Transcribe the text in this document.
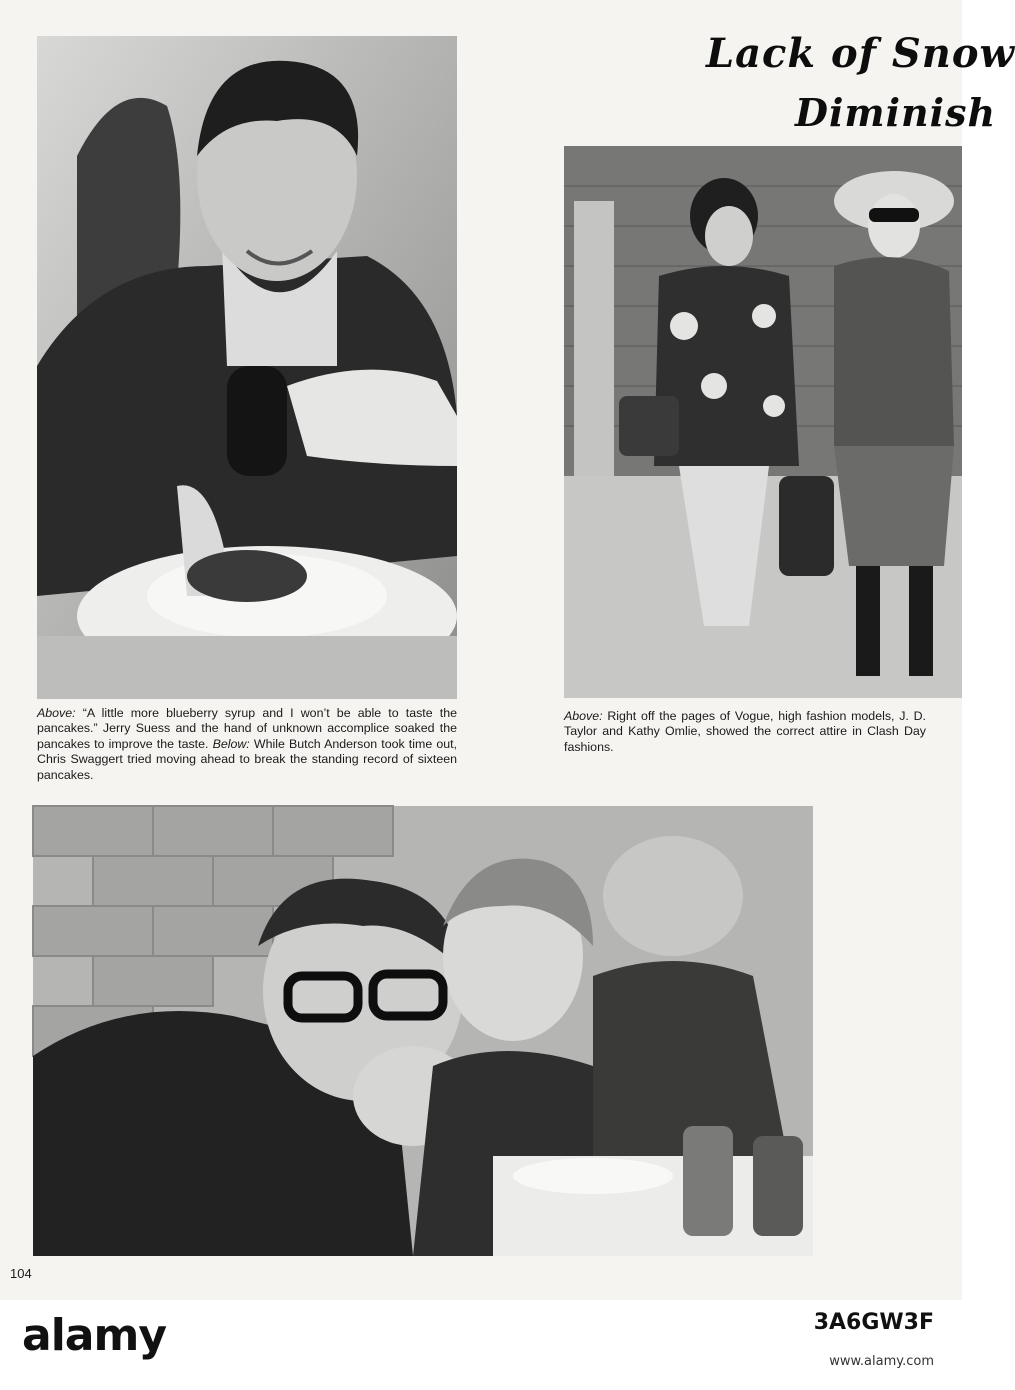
Lack of Snow
Diminish

Above: “A little more blueberry syrup and I won’t be able to taste the pancakes.” Jerry Suess and the hand of unknown accomplice soaked the pancakes to improve the taste. Below: While Butch Anderson took time out, Chris Swaggert tried moving ahead to break the standing record of sixteen pancakes.

Above: Right off the pages of Vogue, high fashion models, J. D. Taylor and Kathy Omlie, showed the correct attire in Clash Day fashions.

104
alamy	3A6GW3F
www.alamy.com
